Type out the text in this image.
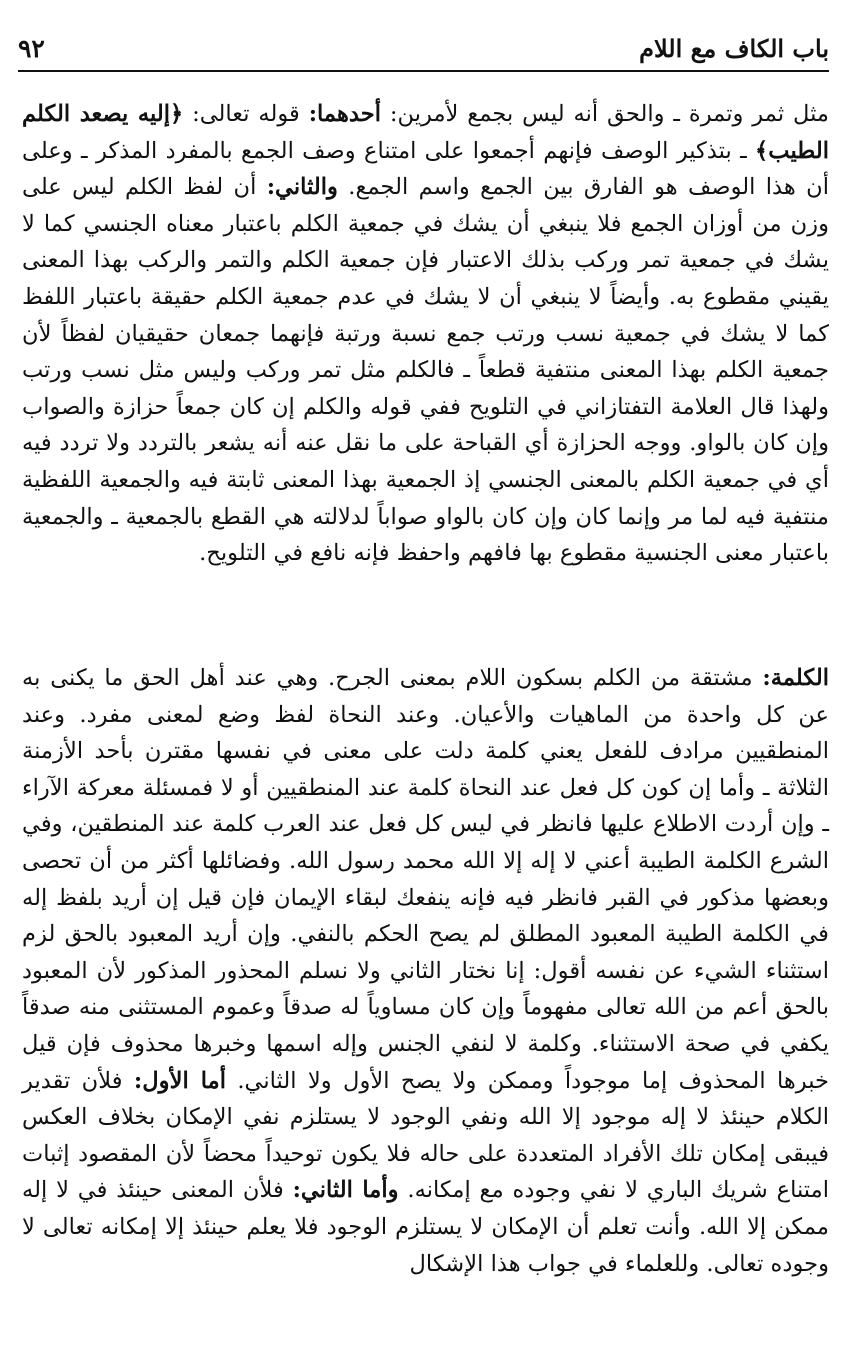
باب الكاف مع اللام
٩٢
مثل ثمر وتمرة ـ والحق أنه ليس بجمع لأمرين: أحدهما: قوله تعالى: ﴿إليه يصعد الكلم الطيب﴾ ـ بتذكير الوصف فإنهم أجمعوا على امتناع وصف الجمع بالمفرد المذكر ـ وعلى أن هذا الوصف هو الفارق بين الجمع واسم الجمع. والثاني: أن لفظ الكلم ليس على وزن من أوزان الجمع فلا ينبغي أن يشك في جمعية الكلم باعتبار معناه الجنسي كما لا يشك في جمعية تمر وركب بذلك الاعتبار فإن جمعية الكلم والتمر والركب بهذا المعنى يقيني مقطوع به. وأيضاً لا ينبغي أن لا يشك في عدم جمعية الكلم حقيقة باعتبار اللفظ كما لا يشك في جمعية نسب ورتب جمع نسبة ورتبة فإنهما جمعان حقيقيان لفظاً لأن جمعية الكلم بهذا المعنى منتفية قطعاً ـ فالكلم مثل تمر وركب وليس مثل نسب ورتب ولهذا قال العلامة التفتازاني في التلويح ففي قوله والكلم إن كان جمعاً حزازة والصواب وإن كان بالواو. ووجه الحزازة أي القباحة على ما نقل عنه أنه يشعر بالتردد ولا تردد فيه أي في جمعية الكلم بالمعنى الجنسي إذ الجمعية بهذا المعنى ثابتة فيه والجمعية اللفظية منتفية فيه لما مر وإنما كان وإن كان بالواو صواباً لدلالته هي القطع بالجمعية ـ والجمعية باعتبار معنى الجنسية مقطوع بها فافهم واحفظ فإنه نافع في التلويح.
الكلمة: مشتقة من الكلم بسكون اللام بمعنى الجرح. وهي عند أهل الحق ما يكنى به عن كل واحدة من الماهيات والأعيان. وعند النحاة لفظ وضع لمعنى مفرد. وعند المنطقيين مرادف للفعل يعني كلمة دلت على معنى في نفسها مقترن بأحد الأزمنة الثلاثة ـ وأما إن كون كل فعل عند النحاة كلمة عند المنطقيين أو لا فمسئلة معركة الآراء ـ وإن أردت الاطلاع عليها فانظر في ليس كل فعل عند العرب كلمة عند المنطقين، وفي الشرع الكلمة الطيبة أعني لا إله إلا الله محمد رسول الله. وفضائلها أكثر من أن تحصى وبعضها مذكور في القبر فانظر فيه فإنه ينفعك لبقاء الإيمان فإن قيل إن أريد بلفظ إله في الكلمة الطيبة المعبود المطلق لم يصح الحكم بالنفي. وإن أريد المعبود بالحق لزم استثناء الشيء عن نفسه أقول: إنا نختار الثاني ولا نسلم المحذور المذكور لأن المعبود بالحق أعم من الله تعالى مفهوماً وإن كان مساوياً له صدقاً وعموم المستثنى منه صدقاً يكفي في صحة الاستثناء. وكلمة لا لنفي الجنس وإله اسمها وخبرها محذوف فإن قيل خبرها المحذوف إما موجوداً وممكن ولا يصح الأول ولا الثاني. أما الأول: فلأن تقدير الكلام حينئذ لا إله موجود إلا الله ونفي الوجود لا يستلزم نفي الإمكان بخلاف العكس فيبقى إمكان تلك الأفراد المتعددة على حاله فلا يكون توحيداً محضاً لأن المقصود إثبات امتناع شريك الباري لا نفي وجوده مع إمكانه. وأما الثاني: فلأن المعنى حينئذ في لا إله ممكن إلا الله. وأنت تعلم أن الإمكان لا يستلزم الوجود فلا يعلم حينئذ إلا إمكانه تعالى لا وجوده تعالى. وللعلماء في جواب هذا الإشكال
